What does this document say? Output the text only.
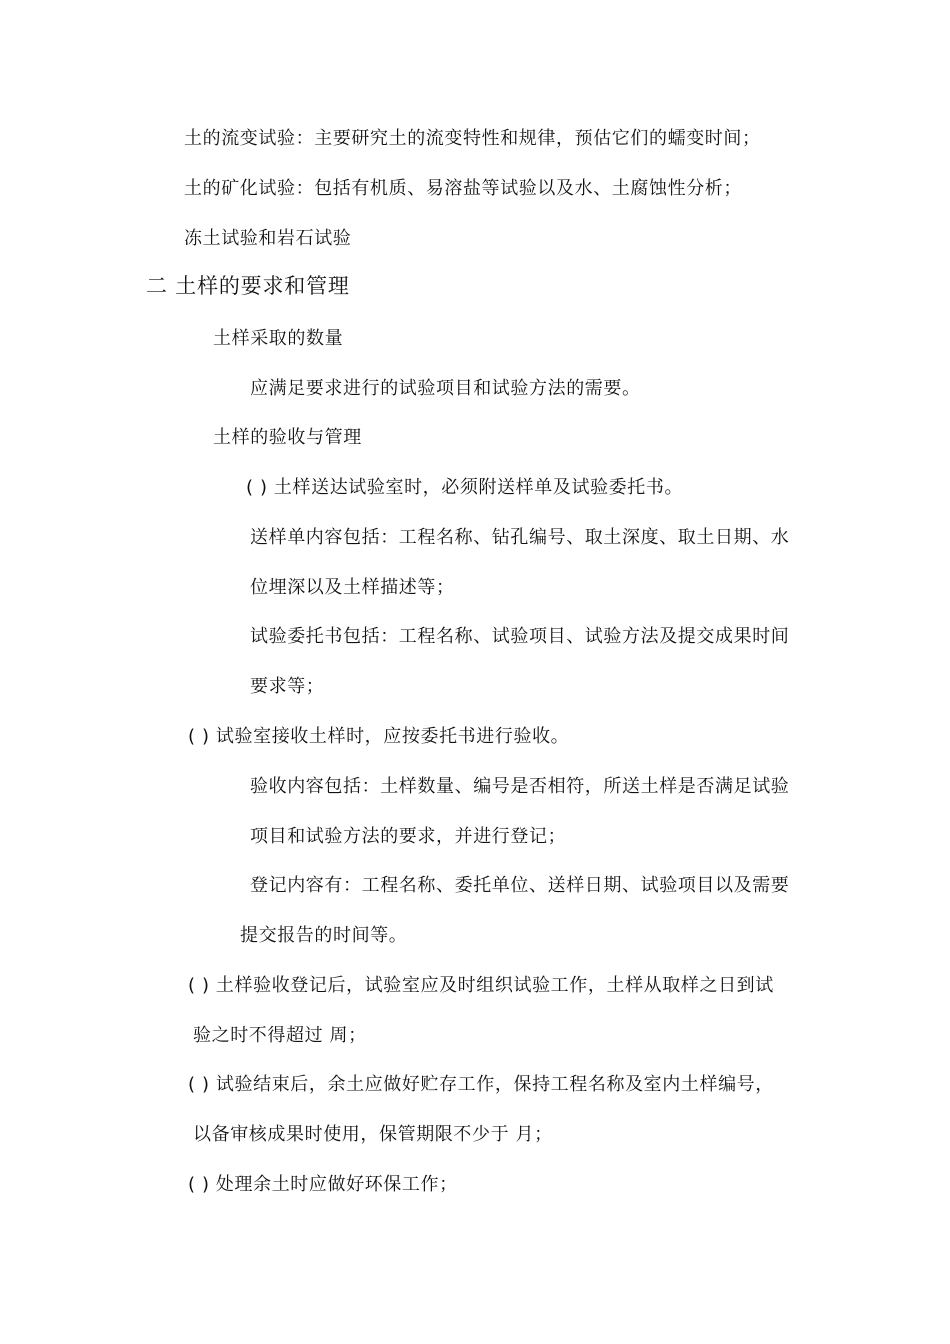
土的流变试验：主要研究土的流变特性和规律，预估它们的蠕变时间；
土的矿化试验：包括有机质、易溶盐等试验以及水、土腐蚀性分析；
冻土试验和岩石试验
二 土样的要求和管理
土样采取的数量
应满足要求进行的试验项目和试验方法的需要。
土样的验收与管理
( ) 土样送达试验室时，必须附送样单及试验委托书。
送样单内容包括：工程名称、钻孔编号、取土深度、取土日期、水
位埋深以及土样描述等；
试验委托书包括：工程名称、试验项目、试验方法及提交成果时间
要求等；
( ) 试验室接收土样时，应按委托书进行验收。
验收内容包括：土样数量、编号是否相符，所送土样是否满足试验
项目和试验方法的要求，并进行登记；
登记内容有：工程名称、委托单位、送样日期、试验项目以及需要
提交报告的时间等。
( ) 土样验收登记后，试验室应及时组织试验工作，土样从取样之日到试
验之时不得超过 周；
( ) 试验结束后，余土应做好贮存工作，保持工程名称及室内土样编号，
以备审核成果时使用，保管期限不少于 月；
( ) 处理余土时应做好环保工作；
